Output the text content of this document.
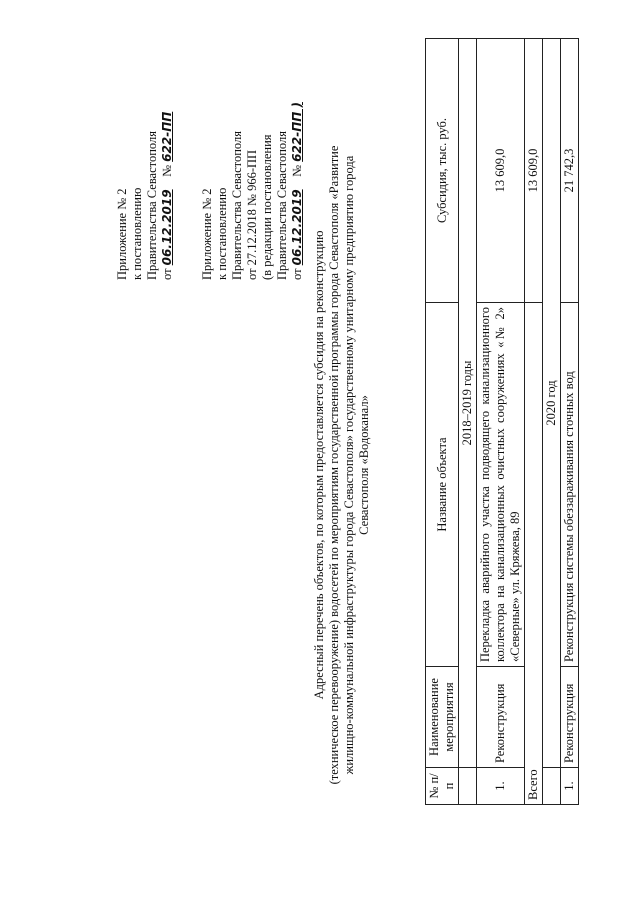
Приложение № 2 к постановлению Правительства Севастополя от 06.12.2019    № 622-ПП
Приложение № 2 к постановлению Правительства Севастополя от 27.12.2018 № 966-ПП (в редакции постановления Правительства Севастополя от 06.12.2019    № 622-ПП )
Адресный перечень объектов, по которым предоставляется субсидия на реконструкцию (техническое перевооружение) водосетей по мероприятиям государственной программы города Севастополя «Развитие жилищно-коммунальной инфраструктуры города Севастополя» государственному унитарному предприятию города Севастополя «Водоканал»
№ п/п	Наименование мероприятия	Название объекта	Субсидия, тыс. руб.
	2018–2019 годы		
1.	Реконструкция	Перекладка аварийного участка подводящего канализационного коллектора на канализационных очистных сооружениях «№ 2» «Северные» ул. Кряжева, 89	13 609,0
Всего			13 609,0
	2020 год		
1.	Реконструкция	Реконструкция системы обеззараживания сточных вод	21 742,3
